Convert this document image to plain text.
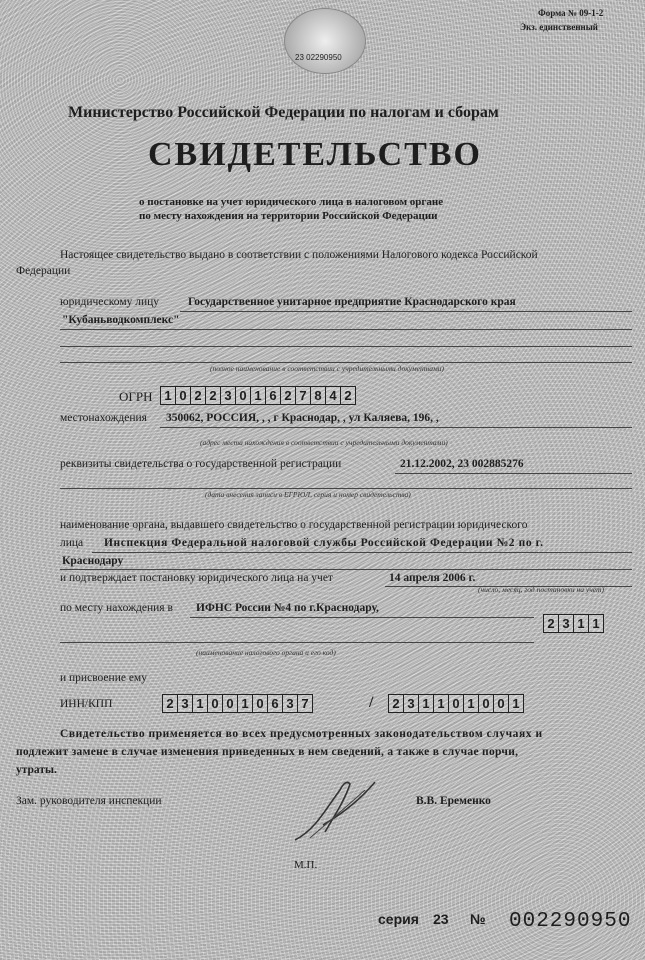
23 02290950
Форма № 09-1-2
Экз. единственный
Министерство Российской Федерации по налогам и сборам
СВИДЕТЕЛЬСТВО
о постановке на учет юридического лица в налоговом органе
по месту нахождения на территории Российской Федерации
Настоящее свидетельство выдано в соответствии с положениями Налогового кодекса Российской
Федерации
юридическому лицу	Государственное унитарное предприятие Краснодарского края
"Кубаньводкомплекс"
(полное наименование в соответствии с учредительными документами)
ОГРН 1 0 2 2 3 0 1 6 2 7 8 4 2
местонахождения 350062, РОССИЯ, , , г Краснодар, , ул Каляева, 196, ,
(адрес места нахождения в соответствии с учредительными документами)
реквизиты свидетельства о государственной регистрации	21.12.2002, 23 002885276
(дата внесения записи в ЕГРЮЛ, серия и номер свидетельства)
наименование органа, выдавшего свидетельство о государственной регистрации юридического
лица Инспекция Федеральной налоговой службы Российской Федерации №2 по г.
Краснодару
и подтверждает постановку юридического лица на учет	14 апреля 2006 г.
(число, месяц, год постановки на учет)
по месту нахождения в ИФНС России №4 по г.Краснодару,
2 3 1 1
(наименование налогового органа и его код)
и присвоение ему
ИНН/КПП	2 3 1 0 0 1 0 6 3 7	/	2 3 1 1 0 1 0 0 1
Свидетельство применяется во всех предусмотренных законодательством случаях и
подлежит замене в случае изменения приведенных в нем сведений, а также в случае порчи,
утраты.
Зам. руководителя инспекции	В.В. Еременко
М.П.
серия 23 № 002290950
